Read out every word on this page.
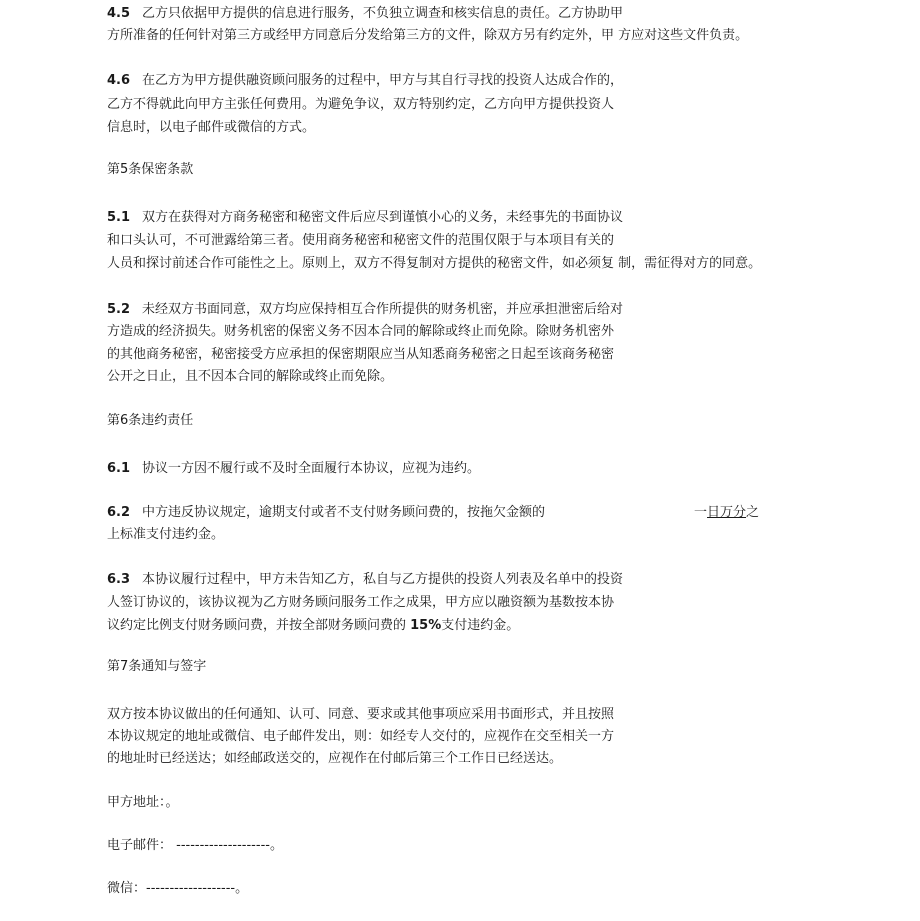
4.5 乙方只依据甲方提供的信息进行服务，不负独立调查和核实信息的责任。乙方协助甲
方所准备的任何针对第三方或经甲方同意后分发给第三方的文件，除双方另有约定外，甲 方应对这些文件负责。
4.6 在乙方为甲方提供融资顾问服务的过程中，甲方与其自行寻找的投资人达成合作的，
乙方不得就此向甲方主张任何费用。为避免争议，双方特别约定，乙方向甲方提供投资人
信息时，以电子邮件或微信的方式。
第5条保密条款
5.1 双方在获得对方商务秘密和秘密文件后应尽到谨慎小心的义务，未经事先的书面协议
和口头认可，不可泄露给第三者。使用商务秘密和秘密文件的范围仅限于与本项目有关的
人员和探讨前述合作可能性之上。原则上，双方不得复制对方提供的秘密文件，如必须复 制，需征得对方的同意。
5.2 未经双方书面同意，双方均应保持相互合作所提供的财务机密，并应承担泄密后给对
方造成的经济损失。财务机密的保密义务不因本合同的解除或终止而免除。除财务机密外
的其他商务秘密，秘密接受方应承担的保密期限应当从知悉商务秘密之日起至该商务秘密
公开之日止，且不因本合同的解除或终止而免除。
第6条违约责任
6.1 协议一方因不履行或不及时全面履行本协议，应视为违约。
6.2 中方违反协议规定，逾期支付或者不支付财务顾问费的，按拖欠金额的	一日万分之
上标准支付违约金。
6.3 本协议履行过程中，甲方未告知乙方，私自与乙方提供的投资人列表及名单中的投资
人签订协议的，该协议视为乙方财务顾问服务工作之成果，甲方应以融资额为基数按本协
议约定比例支付财务顾问费，并按全部财务顾问费的 15%支付违约金。
第7条通知与签字
双方按本协议做出的任何通知、认可、同意、要求或其他事项应采用书面形式，并且按照
本协议规定的地址或微信、电子邮件发出，则：如经专人交付的，应视作在交至相关一方
的地址时已经送达；如经邮政送交的，应视作在付邮后第三个工作日已经送达。
甲方地址：。
电子邮件： --------------------。
微信：-------------------。
